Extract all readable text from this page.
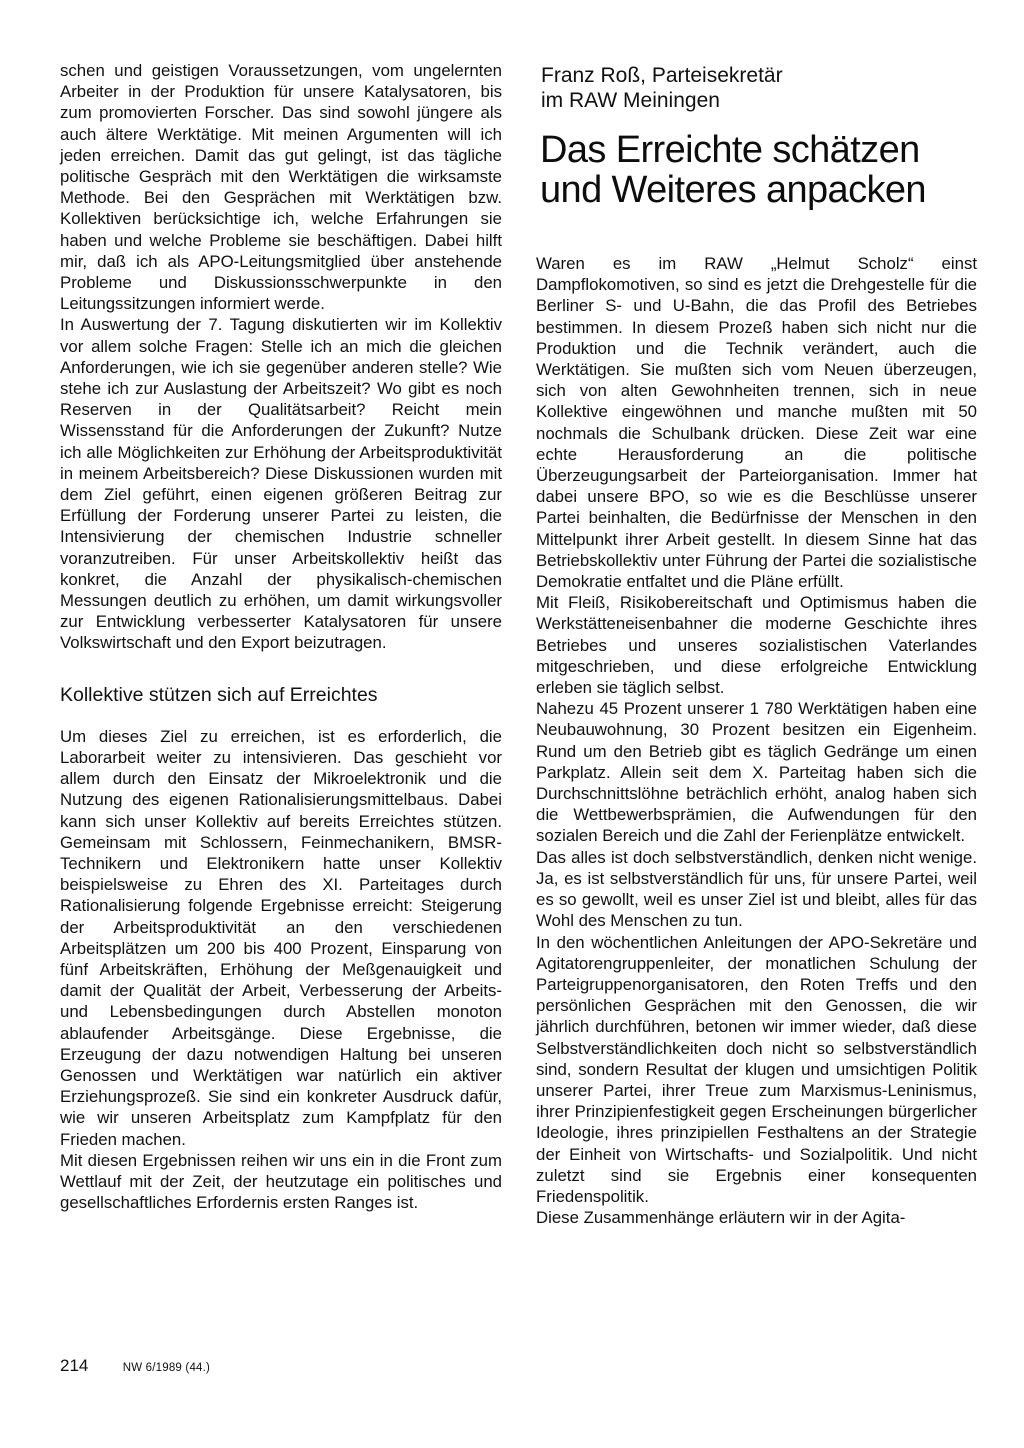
schen und geistigen Voraussetzungen, vom ungelernten Arbeiter in der Produktion für unsere Katalysatoren, bis zum promovierten Forscher. Das sind sowohl jüngere als auch ältere Werktätige. Mit meinen Argumenten will ich jeden erreichen. Damit das gut gelingt, ist das tägliche politische Gespräch mit den Werktätigen die wirksamste Methode. Bei den Gesprächen mit Werktätigen bzw. Kollektiven berücksichtige ich, welche Erfahrungen sie haben und welche Probleme sie beschäftigen. Dabei hilft mir, daß ich als APO-Leitungsmitglied über anstehende Probleme und Diskussionsschwerpunkte in den Leitungssitzungen informiert werde.

In Auswertung der 7. Tagung diskutierten wir im Kollektiv vor allem solche Fragen: Stelle ich an mich die gleichen Anforderungen, wie ich sie gegenüber anderen stelle? Wie stehe ich zur Auslastung der Arbeitszeit? Wo gibt es noch Reserven in der Qualitätsarbeit? Reicht mein Wissensstand für die Anforderungen der Zukunft? Nutze ich alle Möglichkeiten zur Erhöhung der Arbeitsproduktivität in meinem Arbeitsbereich? Diese Diskussionen wurden mit dem Ziel geführt, einen eigenen größeren Beitrag zur Erfüllung der Forderung unserer Partei zu leisten, die Intensivierung der chemischen Industrie schneller voranzutreiben. Für unser Arbeitskollektiv heißt das konkret, die Anzahl der physikalisch-chemischen Messungen deutlich zu erhöhen, um damit wirkungsvoller zur Entwicklung verbesserter Katalysatoren für unsere Volkswirtschaft und den Export beizutragen.

Kollektive stützen sich auf Erreichtes

Um dieses Ziel zu erreichen, ist es erforderlich, die Laborarbeit weiter zu intensivieren. Das geschieht vor allem durch den Einsatz der Mikroelektronik und die Nutzung des eigenen Rationalisierungsmittelbaus. Dabei kann sich unser Kollektiv auf bereits Erreichtes stützen. Gemeinsam mit Schlossern, Feinmechanikern, BMSR-Technikern und Elektronikern hatte unser Kollektiv beispielsweise zu Ehren des XI. Parteitages durch Rationalisierung folgende Ergebnisse erreicht: Steigerung der Arbeitsproduktivität an den verschiedenen Arbeitsplätzen um 200 bis 400 Prozent, Einsparung von fünf Arbeitskräften, Erhöhung der Meßgenauigkeit und damit der Qualität der Arbeit, Verbesserung der Arbeits- und Lebensbedingungen durch Abstellen monoton ablaufender Arbeitsgänge. Diese Ergebnisse, die Erzeugung der dazu notwendigen Haltung bei unseren Genossen und Werktätigen war natürlich ein aktiver Erziehungsprozeß. Sie sind ein konkreter Ausdruck dafür, wie wir unseren Arbeitsplatz zum Kampfplatz für den Frieden machen.

Mit diesen Ergebnissen reihen wir uns ein in die Front zum Wettlauf mit der Zeit, der heutzutage ein politisches und gesellschaftliches Erfordernis ersten Ranges ist.

Franz Roß, Parteisekretär
im RAW Meiningen
Das Erreichte schätzen
und Weiteres anpacken

Waren es im RAW „Helmut Scholz“ einst Dampflokomotiven, so sind es jetzt die Drehgestelle für die Berliner S- und U-Bahn, die das Profil des Betriebes bestimmen. In diesem Prozeß haben sich nicht nur die Produktion und die Technik verändert, auch die Werktätigen. Sie mußten sich vom Neuen überzeugen, sich von alten Gewohnheiten trennen, sich in neue Kollektive eingewöhnen und manche mußten mit 50 nochmals die Schulbank drücken. Diese Zeit war eine echte Herausforderung an die politische Überzeugungsarbeit der Parteiorganisation. Immer hat dabei unsere BPO, so wie es die Beschlüsse unserer Partei beinhalten, die Bedürfnisse der Menschen in den Mittelpunkt ihrer Arbeit gestellt. In diesem Sinne hat das Betriebskollektiv unter Führung der Partei die sozialistische Demokratie entfaltet und die Pläne erfüllt.

Mit Fleiß, Risikobereitschaft und Optimismus haben die Werkstätteneisenbahner die moderne Geschichte ihres Betriebes und unseres sozialistischen Vaterlandes mitgeschrieben, und diese erfolgreiche Entwicklung erleben sie täglich selbst.

Nahezu 45 Prozent unserer 1 780 Werktätigen haben eine Neubauwohnung, 30 Prozent besitzen ein Eigenheim. Rund um den Betrieb gibt es täglich Gedränge um einen Parkplatz. Allein seit dem X. Parteitag haben sich die Durchschnittslöhne beträchlich erhöht, analog haben sich die Wettbewerbsprämien, die Aufwendungen für den sozialen Bereich und die Zahl der Ferienplätze entwickelt.

Das alles ist doch selbstverständlich, denken nicht wenige. Ja, es ist selbstverständlich für uns, für unsere Partei, weil es so gewollt, weil es unser Ziel ist und bleibt, alles für das Wohl des Menschen zu tun.

In den wöchentlichen Anleitungen der APO-Sekretäre und Agitatorengruppenleiter, der monatlichen Schulung der Parteigruppenorganisatoren, den Roten Treffs und den persönlichen Gesprächen mit den Genossen, die wir jährlich durchführen, betonen wir immer wieder, daß diese Selbstverständlichkeiten doch nicht so selbstverständlich sind, sondern Resultat der klugen und umsichtigen Politik unserer Partei, ihrer Treue zum Marxismus-Leninismus, ihrer Prinzipienfestigkeit gegen Erscheinungen bürgerlicher Ideologie, ihres prinzipiellen Festhaltens an der Strategie der Einheit von Wirtschafts- und Sozialpolitik. Und nicht zuletzt sind sie Ergebnis einer konsequenten Friedenspolitik.

Diese Zusammenhänge erläutern wir in der Agita-

214	NW 6/1989 (44.)
